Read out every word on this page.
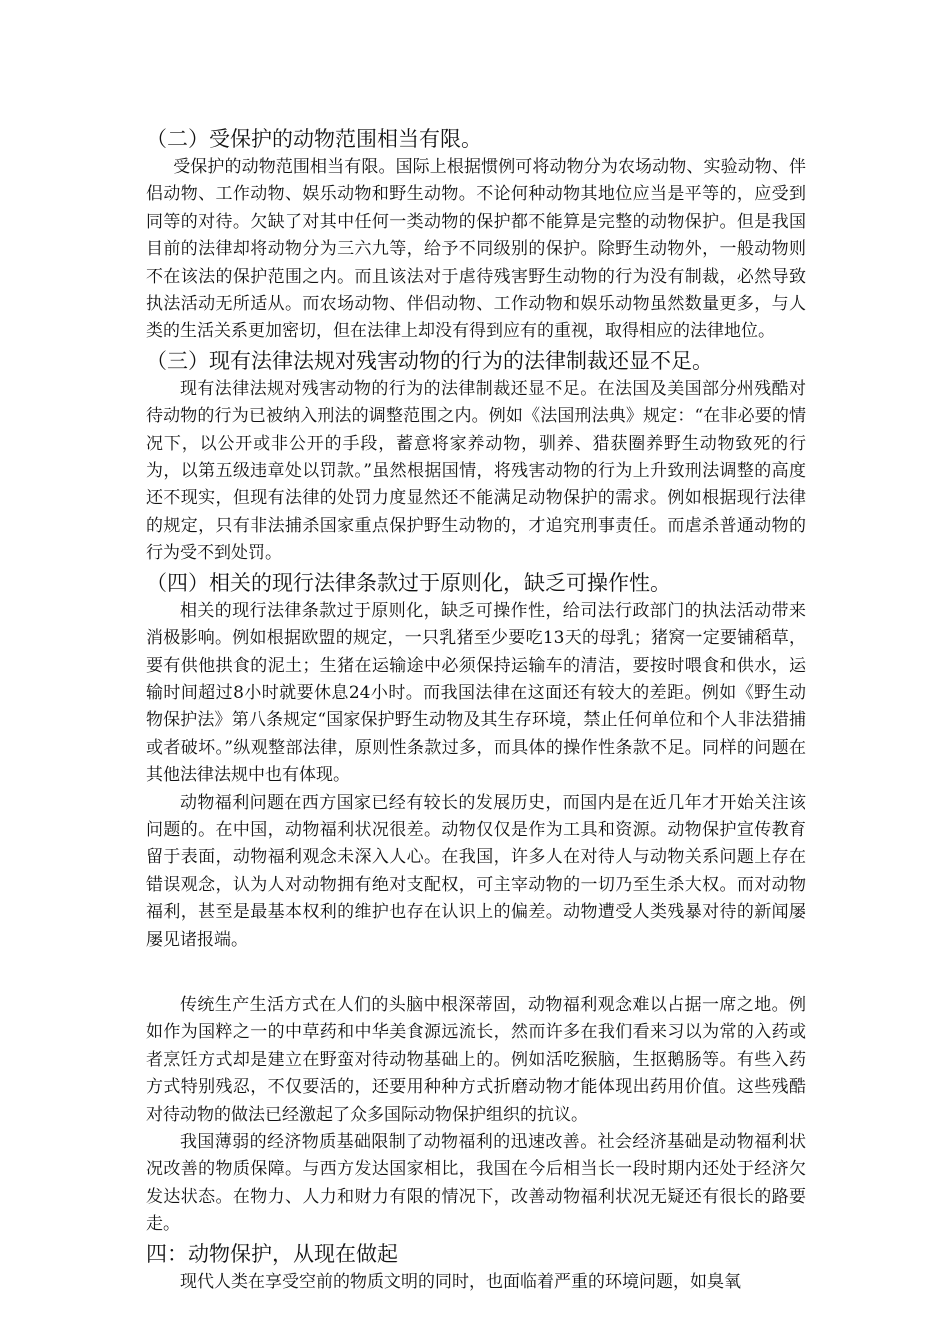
（二）受保护的动物范围相当有限。

受保护的动物范围相当有限。国际上根据惯例可将动物分为农场动物、实验动物、伴侣动物、工作动物、娱乐动物和野生动物。不论何种动物其地位应当是平等的，应受到同等的对待。欠缺了对其中任何一类动物的保护都不能算是完整的动物保护。但是我国目前的法律却将动物分为三六九等，给予不同级别的保护。除野生动物外，一般动物则不在该法的保护范围之内。而且该法对于虐待残害野生动物的行为没有制裁，必然导致执法活动无所适从。而农场动物、伴侣动物、工作动物和娱乐动物虽然数量更多，与人类的生活关系更加密切，但在法律上却没有得到应有的重视，取得相应的法律地位。

（三）现有法律法规对残害动物的行为的法律制裁还显不足。

现有法律法规对残害动物的行为的法律制裁还显不足。在法国及美国部分州残酷对待动物的行为已被纳入刑法的调整范围之内。例如《法国刑法典》规定：“在非必要的情况下，以公开或非公开的手段，蓄意将家养动物，驯养、猎获圈养野生动物致死的行为，以第五级违章处以罚款。”虽然根据国情，将残害动物的行为上升致刑法调整的高度还不现实，但现有法律的处罚力度显然还不能满足动物保护的需求。例如根据现行法律的规定，只有非法捕杀国家重点保护野生动物的，才追究刑事责任。而虐杀普通动物的行为受不到处罚。

（四）相关的现行法律条款过于原则化，缺乏可操作性。

相关的现行法律条款过于原则化，缺乏可操作性，给司法行政部门的执法活动带来消极影响。例如根据欧盟的规定，一只乳猪至少要吃13天的母乳；猪窝一定要铺稻草，要有供他拱食的泥土；生猪在运输途中必须保持运输车的清洁，要按时喂食和供水，运输时间超过8小时就要休息24小时。而我国法律在这面还有较大的差距。例如《野生动物保护法》第八条规定“国家保护野生动物及其生存环境，禁止任何单位和个人非法猎捕或者破坏。”纵观整部法律，原则性条款过多，而具体的操作性条款不足。同样的问题在其他法律法规中也有体现。

动物福利问题在西方国家已经有较长的发展历史，而国内是在近几年才开始关注该问题的。在中国，动物福利状况很差。动物仅仅是作为工具和资源。动物保护宣传教育留于表面，动物福利观念未深入人心。在我国，许多人在对待人与动物关系问题上存在错误观念，认为人对动物拥有绝对支配权，可主宰动物的一切乃至生杀大权。而对动物福利，甚至是最基本权利的维护也存在认识上的偏差。动物遭受人类残暴对待的新闻屡屡见诸报端。

传统生产生活方式在人们的头脑中根深蒂固，动物福利观念难以占据一席之地。例如作为国粹之一的中草药和中华美食源远流长，然而许多在我们看来习以为常的入药或者烹饪方式却是建立在野蛮对待动物基础上的。例如活吃猴脑，生抠鹅肠等。有些入药方式特别残忍，不仅要活的，还要用种种方式折磨动物才能体现出药用价值。这些残酷对待动物的做法已经激起了众多国际动物保护组织的抗议。

我国薄弱的经济物质基础限制了动物福利的迅速改善。社会经济基础是动物福利状况改善的物质保障。与西方发达国家相比，我国在今后相当长一段时期内还处于经济欠发达状态。在物力、人力和财力有限的情况下，改善动物福利状况无疑还有很长的路要走。

四：动物保护，从现在做起

现代人类在享受空前的物质文明的同时，也面临着严重的环境问题，如臭氧
